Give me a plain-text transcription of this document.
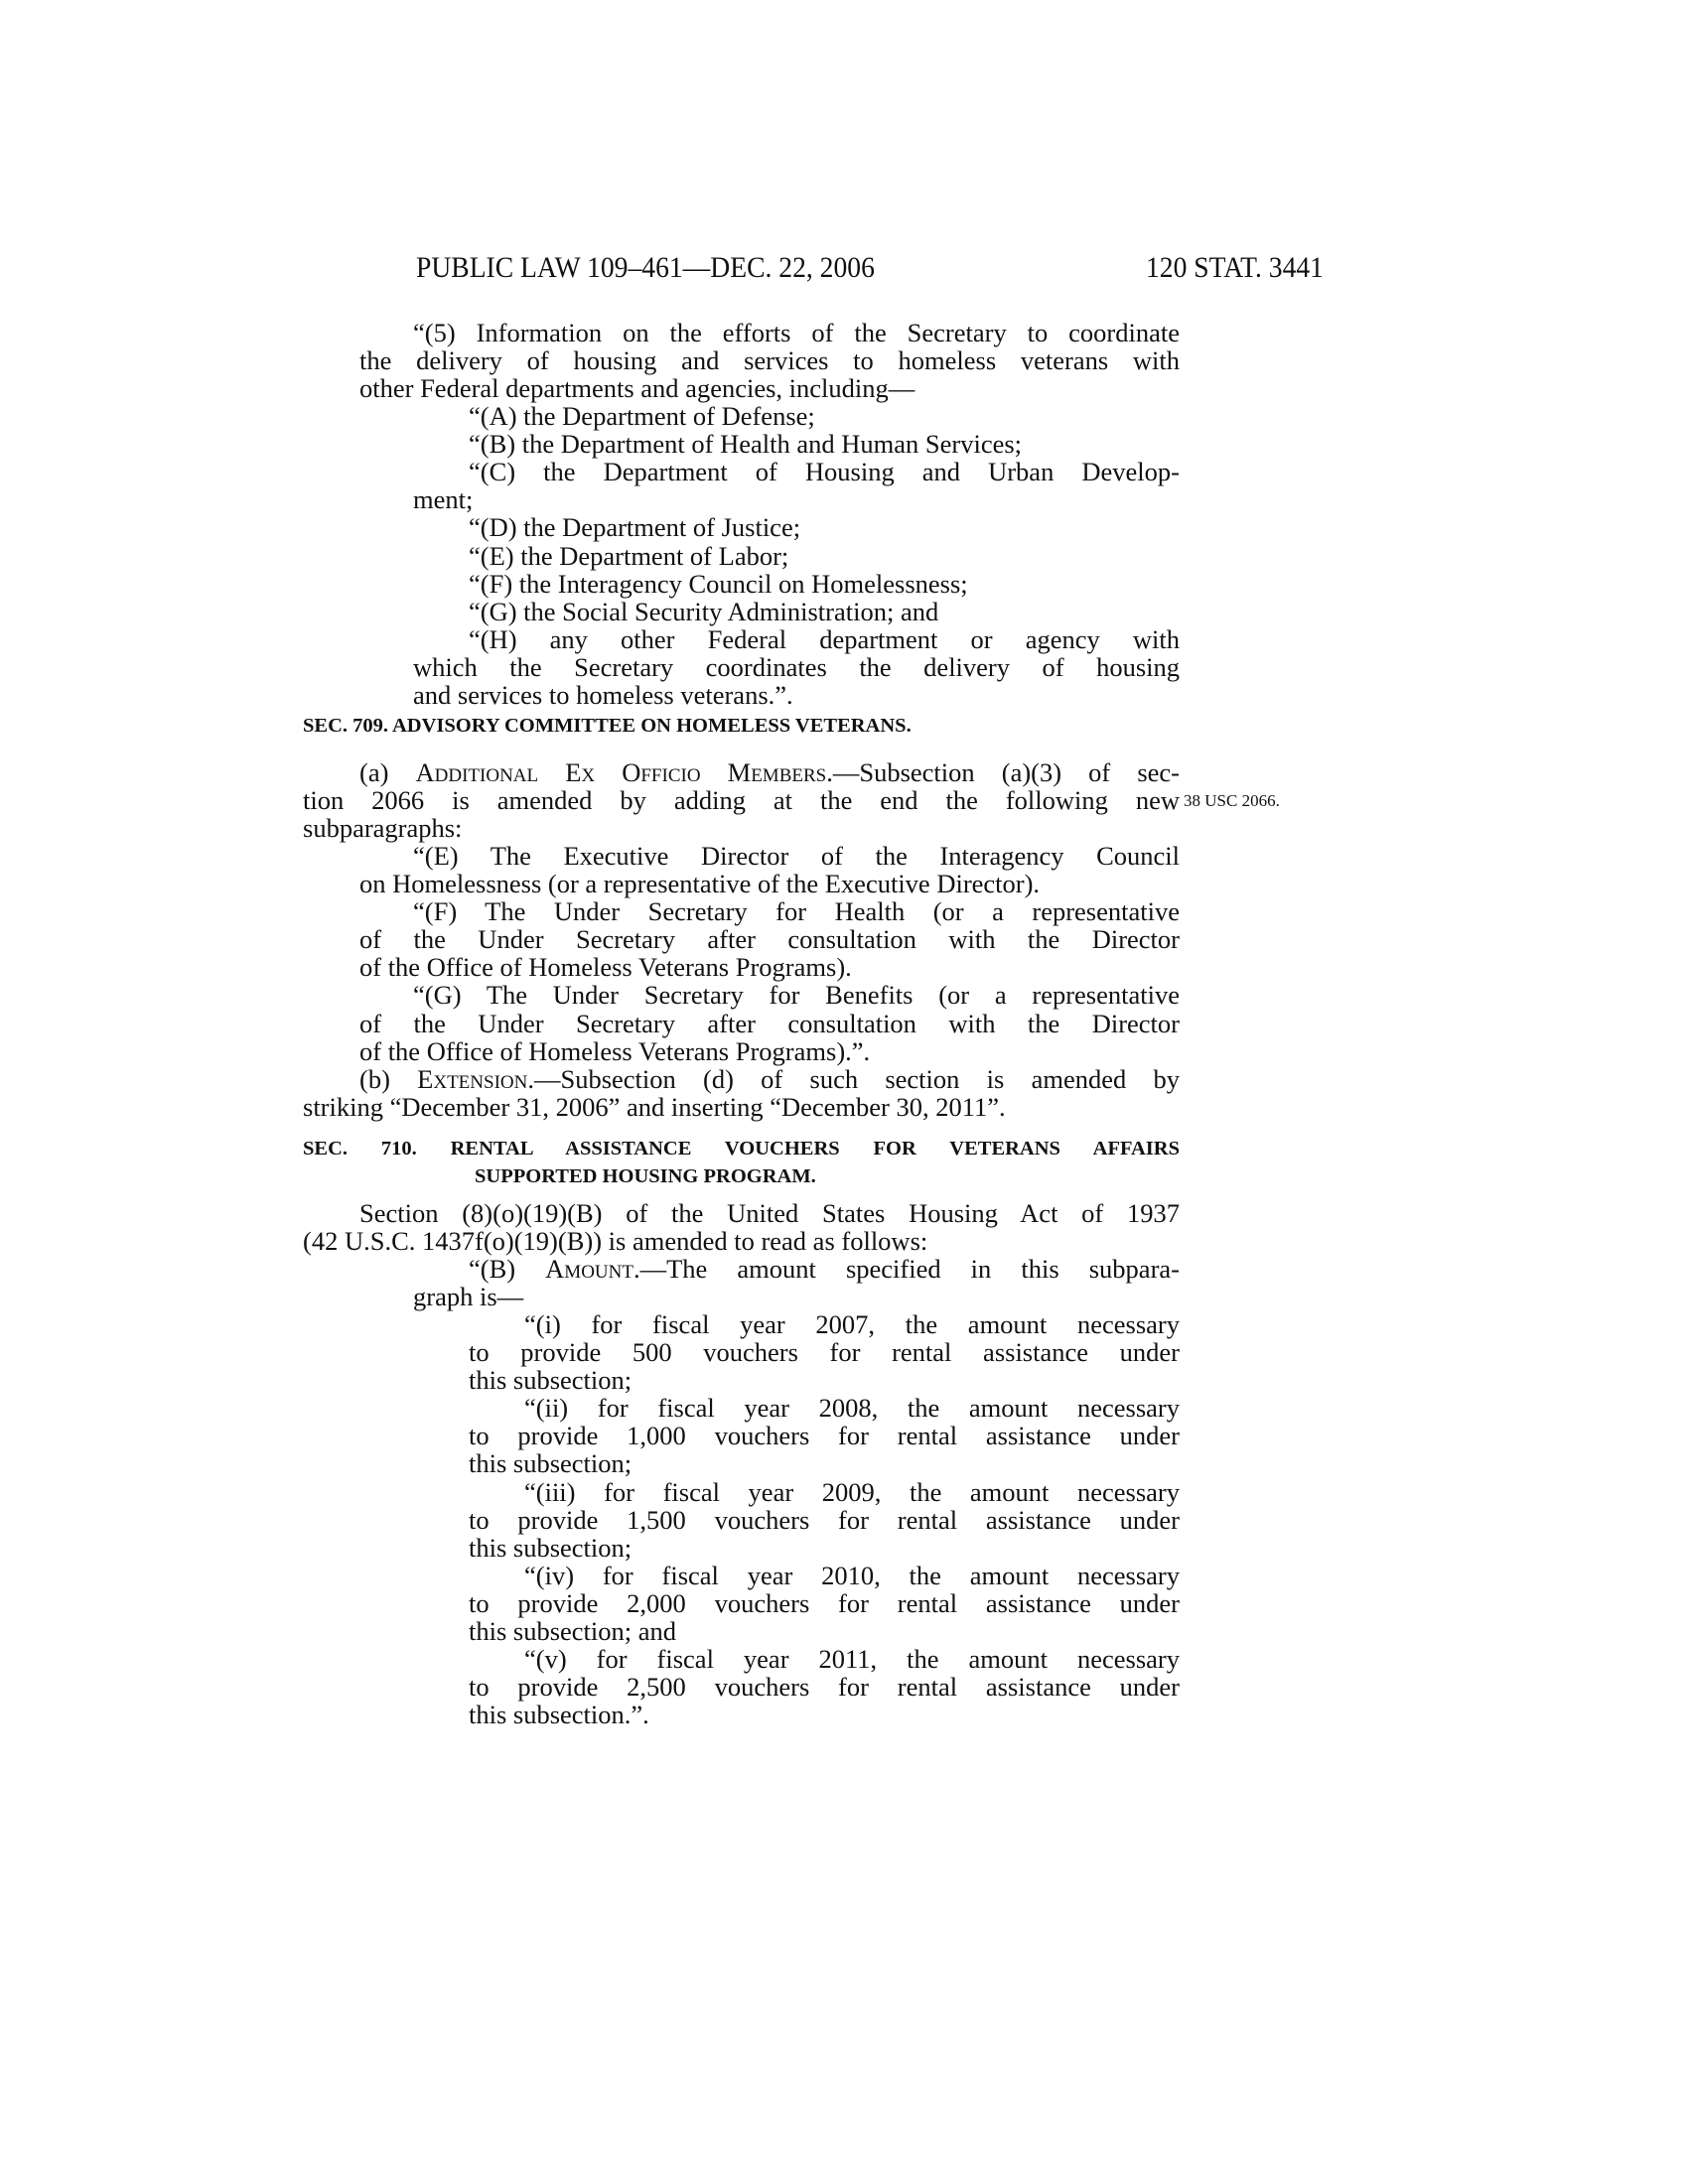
PUBLIC LAW 109–461—DEC. 22, 2006	120 STAT. 3441
38 USC 2066.
“(5) Information on the efforts of the Secretary to coordinate
the delivery of housing and services to homeless veterans with
other Federal departments and agencies, including—
“(A) the Department of Defense;
“(B) the Department of Health and Human Services;
“(C) the Department of Housing and Urban Develop-
ment;
“(D) the Department of Justice;
“(E) the Department of Labor;
“(F) the Interagency Council on Homelessness;
“(G) the Social Security Administration; and
“(H) any other Federal department or agency with
which the Secretary coordinates the delivery of housing
and services to homeless veterans.”.
SEC. 709. ADVISORY COMMITTEE ON HOMELESS VETERANS.
(a) Additional Ex Officio Members.—Subsection (a)(3) of sec-
tion 2066 is amended by adding at the end the following new
subparagraphs:
“(E) The Executive Director of the Interagency Council
on Homelessness (or a representative of the Executive Director).
“(F) The Under Secretary for Health (or a representative
of the Under Secretary after consultation with the Director
of the Office of Homeless Veterans Programs).
“(G) The Under Secretary for Benefits (or a representative
of the Under Secretary after consultation with the Director
of the Office of Homeless Veterans Programs).”.
(b) Extension.—Subsection (d) of such section is amended by
striking “December 31, 2006” and inserting “December 30, 2011”.
SEC. 710. RENTAL ASSISTANCE VOUCHERS FOR VETERANS AFFAIRS
SUPPORTED HOUSING PROGRAM.
Section (8)(o)(19)(B) of the United States Housing Act of 1937
(42 U.S.C. 1437f(o)(19)(B)) is amended to read as follows:
“(B) Amount.—The amount specified in this subpara-
graph is—
“(i) for fiscal year 2007, the amount necessary
to provide 500 vouchers for rental assistance under
this subsection;
“(ii) for fiscal year 2008, the amount necessary
to provide 1,000 vouchers for rental assistance under
this subsection;
“(iii) for fiscal year 2009, the amount necessary
to provide 1,500 vouchers for rental assistance under
this subsection;
“(iv) for fiscal year 2010, the amount necessary
to provide 2,000 vouchers for rental assistance under
this subsection; and
“(v) for fiscal year 2011, the amount necessary
to provide 2,500 vouchers for rental assistance under
this subsection.”.
